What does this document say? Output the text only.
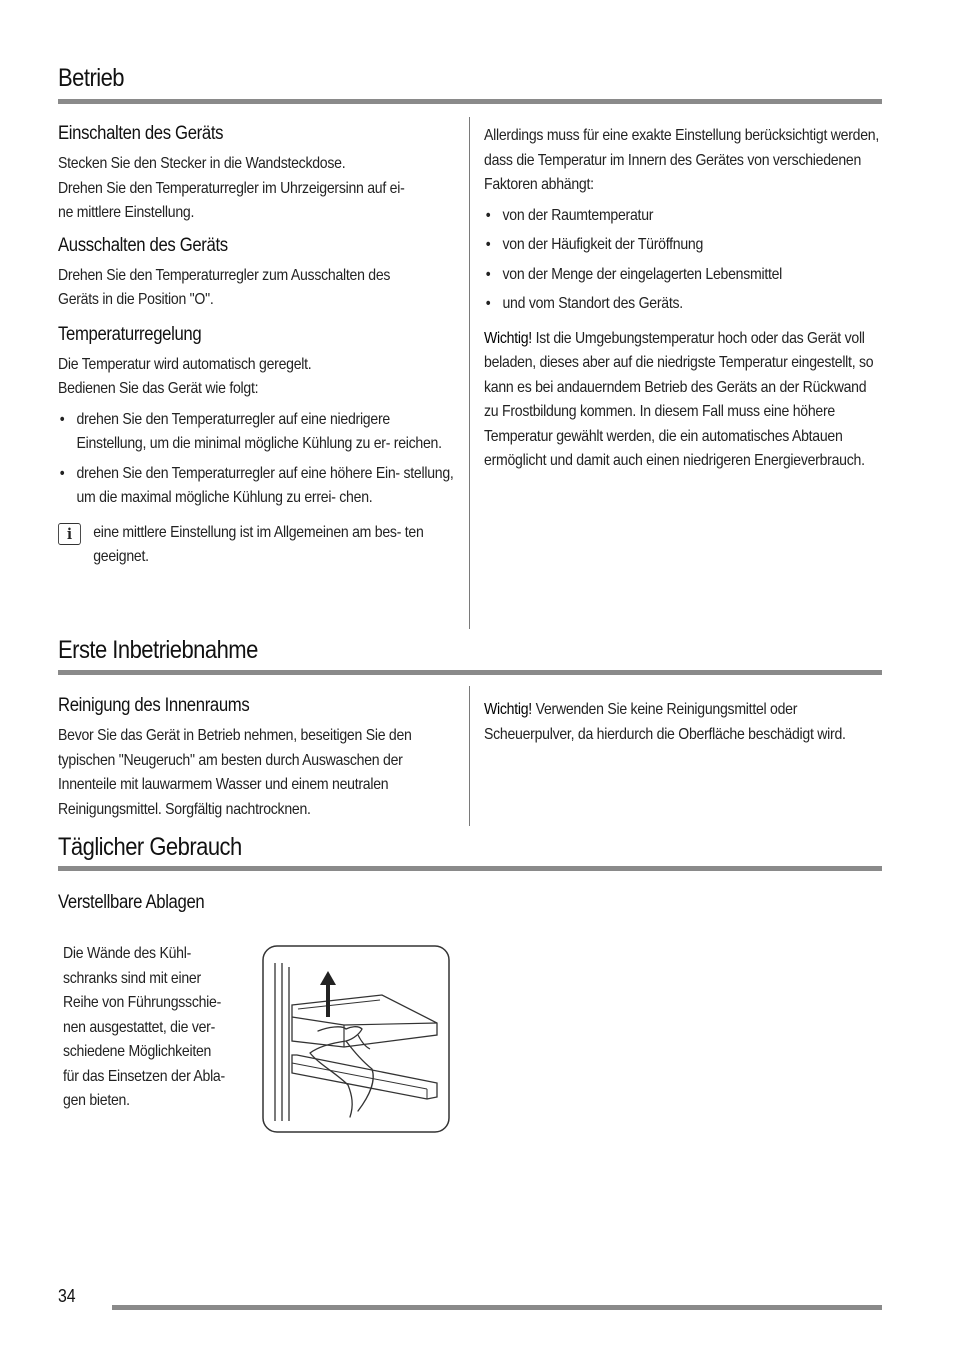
Betrieb
Einschalten des Geräts

Stecken Sie den Stecker in die Wandsteckdose.

Drehen Sie den Temperaturregler im Uhrzeigersinn auf ei-

ne mittlere Einstellung.

Ausschalten des Geräts

Drehen Sie den Temperaturregler zum Ausschalten des

Geräts in die Position "O".

Temperaturregelung

Die Temperatur wird automatisch geregelt.

Bedienen Sie das Gerät wie folgt:

• drehen Sie den Temperaturregler auf eine niedrigere Einstellung, um die minimal mögliche Kühlung zu er- reichen.
• drehen Sie den Temperaturregler auf eine höhere Ein- stellung, um die maximal mögliche Kühlung zu errei- chen.
i	eine mittlere Einstellung ist im Allgemeinen am bes- ten geeignet.

Allerdings muss für eine exakte Einstellung berücksichtigt werden, dass die Temperatur im Innern des Gerätes von verschiedenen Faktoren abhängt:

• von der Raumtemperatur
• von der Häufigkeit der Türöffnung
• von der Menge der eingelagerten Lebensmittel
• und vom Standort des Geräts.

Wichtig! Ist die Umgebungstemperatur hoch oder das Gerät voll beladen, dieses aber auf die niedrigste Temperatur eingestellt, so kann es bei andauerndem Betrieb des Geräts an der Rückwand zu Frostbildung kommen. In diesem Fall muss eine höhere Temperatur gewählt werden, die ein automatisches Abtauen ermöglicht und damit auch einen niedrigeren Energieverbrauch.

Erste Inbetriebnahme
Reinigung des Innenraums

Bevor Sie das Gerät in Betrieb nehmen, beseitigen Sie den typischen "Neugeruch" am besten durch Auswaschen der Innenteile mit lauwarmem Wasser und einem neutralen Reinigungsmittel. Sorgfältig nachtrocknen.

Wichtig! Verwenden Sie keine Reinigungsmittel oder Scheuerpulver, da hierdurch die Oberfläche beschädigt wird.

Täglicher Gebrauch
Verstellbare Ablagen

Die Wände des Kühl-

schranks sind mit einer

Reihe von Führungsschie-

nen ausgestattet, die ver-

schiedene Möglichkeiten

für das Einsetzen der Abla-

gen bieten.

34
